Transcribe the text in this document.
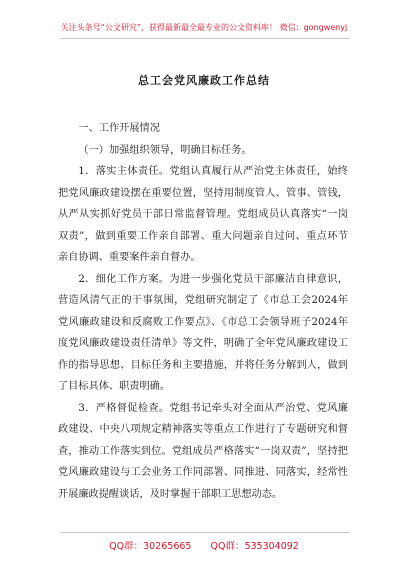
关注头条号“公文研究”，获得最新最全最专业的公文资料库！ 微信：gongwenyj
总工会党风廉政工作总结

一、工作开展情况

（一）加强组织领导，明确目标任务。

1．落实主体责任。党组认真履行从严治党主体责任，始终把党风廉政建设摆在重要位置，坚持用制度管人、管事、管钱，从严从实抓好党员干部日常监督管理。党组成员认真落实“一岗双责”，做到重要工作亲自部署、重大问题亲自过问、重点环节亲自协调、重要案件亲自督办。

2．细化工作方案。为进一步强化党员干部廉洁自律意识，营造风清气正的干事氛围，党组研究制定了《市总工会2024年党风廉政建设和反腐败工作要点》、《市总工会领导班子2024年度党风廉政建设责任清单》等文件，明确了全年党风廉政建设工作的指导思想、目标任务和主要措施，并将任务分解到人，做到了目标具体、职责明确。

3．严格督促检查。党组书记牵头对全面从严治党、党风廉政建设、中央八项规定精神落实等重点工作进行了专题研究和督查，推动工作落实到位。党组成员严格落实“一岗双责”，坚持把党风廉政建设与工会业务工作同部署、同推进、同落实，经常性开展廉政提醒谈话，及时掌握干部职工思想动态。

QQ群：30265665 QQ群：535304092
